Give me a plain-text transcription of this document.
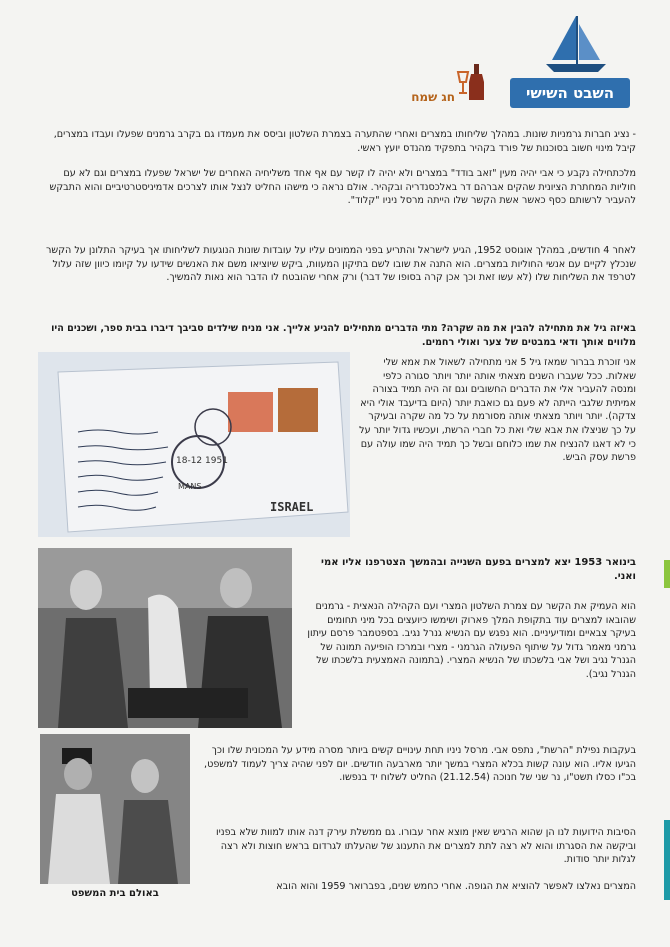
השבט השישי
חג שמח

- נציג חברות גרמניות שונות. במהלך שליחותו במצרים ואחרי שהתערה בצמרת השלטון וביסס את מעמדו גם בקרב גרמנים שפעלו ועבדו במצרים, קיבל מינוי חשוב בסוכנות של פורד בקהיר בתפקיד מהנדס יועץ ראשי.

מלכתחילה נקבע כי אבי יהיה מעין "זאב בודד" במצרים ולא יהיה לו קשר עם אף אחד משליחיה האחרים של ישראל שפעלו במצרים וגם לא עם חוליות המחתרת הציונית שהקים אברהם דר באלכסנדריה ובקהיר. אולם נראה כי מישהו החליט לנצל אותו לצרכים אדמיניסטרטיביים והוא התבקש להעביר לרשותם כסף כאשר אשת הקשר שלו הייתה מרסל ניניו "קלוד".

לאחר 4 חודשים, במהלך אוגוסט 1952, הגיע לישראל והתריע בפני הממונים עליו על עובדות שונות הנוגעות לשליחותו אך בעיקר התלונן על הקשר שנכלץ לקיים עם אנשי החוליות במצרים. הוא התנה את שובו לשם בתיקון המעוות, ביקש שיוציאו משם את האנשים שידעו על קיומו כיוון שזה עלול לטרפד את השליחות שלו (לא עשו זאת וכך אכן קרה בסופו של דבר) ורק אחרי שהובטח לו הדבר הוא נאות להמשיך.

באיזה גיל את מתחילה להבין את מה שקרה? מתי הדברים מתחילים להגיע אלייך. אני מניח שילדים סביבך דיברו בבית ספר, ושכנים היו מלווים אותך ודאי במבטים של צער ואולי רחמים.

18-12 1951
MANS
ISRAEL

אני זוכרת בברור שמאז גיל 5 אני מתחילה לשאול את אמא שלי שאלות. ככל שעברו השנים מצאתי אותה יותר ויותר סגורה כלפי ומנסה להעביר אלי את הדברים החשובים וגם זה היה תמיד בצורה אמיתית שלגבי הייתה לא פעם גם כואבת יותר (היום בדיעבד אולי היא צדקה). יותר ויותר מצאתי אותה מסורמת על כל מה שקרה ובעיקר על כך שניצלו את אבא שלי ואת כל חברי הרשת, ועכשיו גדול יותר על כי לא דאגו להנציח את שמו כלוחם ובשל כך תמיד היה שמו עולה עם פרשת עסק הביש.

בינואר 1953 יצא למצרים בפעם השנייה ובהמשך הצטרפנו אליו אמי ואני.

הוא העמיק את הקשר עם צמרת השלטון המצרי ועם הקהילה הנאצית - גרמנים שהובאו למצרים עוד בתקופת המלך פארוק ושימשו כיועצים בכל מיני תחומים בעיקר צבאיים ומודיעיניים. הוא נפגש עם הנשיא גנרל נגיב. בספטמבר פרסם עיתון גרמני מאמר גדול על שיתוף הפעולה הגרמני - מצרי ובמרכז הופיעה תמונה של הגנרל נגיב ושל אבי בלשכתו של הנשיא המצרי. (בתמונה האמצעית בלשכתו של הגנרל נגיב).

באולם בית המשפט

בעקבות נפילת "הרשת", נתפס אבי. מרסל ניניו תחת עינויים קשים ביותר מסרה מידע על המכונית שלו וכך הגיעו אליו. הוא עונה קשות בכלא המצרי במשך יותר מארבעה חודשים. יום לפני שהיה צריך לעמוד למשפט, בכ"ו כסלו תשט"ו, נר שני של חנוכה (21.12.54) החליט לשלוח יד בנפשו.

הסיבות הידועות לנו הן שהוא הרגיש שאין מוצא אחר עבורו. גם ממשלת עירק דנה אותו למוות שלא בפניו וביקשה את הסגרתו והוא לא רצה לתת למצרים את התענוג של שהעלתו לגרדום בראש חוצות ולא רצה לגלות יותר סודות.

המצרים נאלצו לאפשר להוציא את הגופה. אחרי כחמש שנים, בפברואר 1959 והוא הובא
